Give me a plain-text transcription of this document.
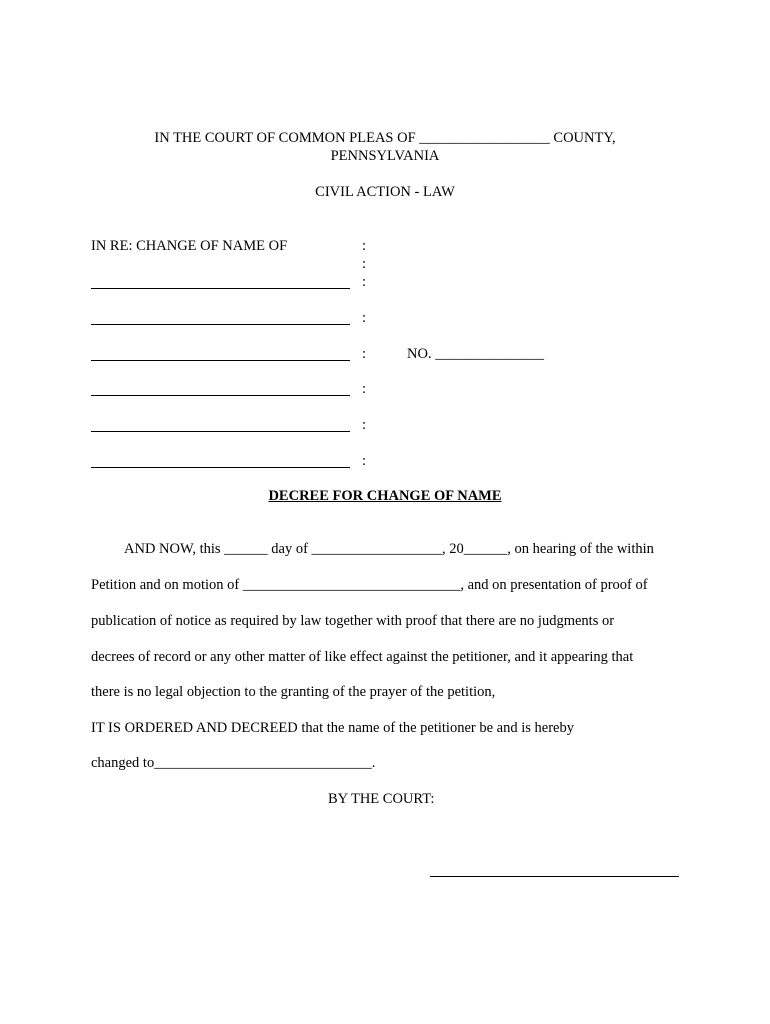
IN THE COURT OF COMMON PLEAS OF __________________ COUNTY,
PENNSYLVANIA
CIVIL ACTION - LAW
IN RE: CHANGE OF NAME OF	:
:
:
:
:	NO. _______________
:
:
:
DECREE FOR CHANGE OF NAME
AND NOW, this ______ day of __________________, 20______, on hearing of the within
Petition and on motion of ______________________________, and on presentation of proof of
publication of notice as required by law together with proof that there are no judgments or
decrees of record or any other matter of like effect against the petitioner, and it appearing that
there is no legal objection to the granting of the prayer of the petition,
IT IS ORDERED AND DECREED that the name of the petitioner be and is hereby
changed to______________________________.
BY THE COURT:
